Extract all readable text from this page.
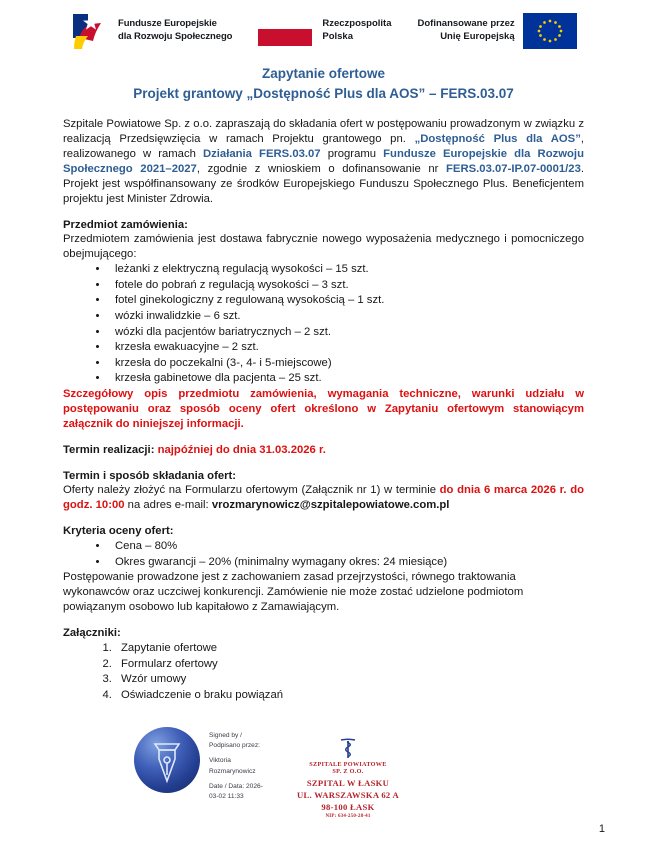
Fundusze Europejskie
dla Rozwoju Społecznego
Rzeczpospolita
Polska
Dofinansowane przez
Unię Europejską
Zapytanie ofertowe
Projekt grantowy „Dostępność Plus dla AOS” – FERS.03.07

Szpitale Powiatowe Sp. z o.o. zapraszają do składania ofert w postępowaniu prowadzonym w związku z realizacją Przedsięwzięcia w ramach Projektu grantowego pn. „Dostępność Plus dla AOS”, realizowanego w ramach Działania FERS.03.07 programu Fundusze Europejskie dla Rozwoju Społecznego 2021–2027, zgodnie z wnioskiem o dofinansowanie nr FERS.03.07-IP.07-0001/23. Projekt jest współfinansowany ze środków Europejskiego Funduszu Społecznego Plus. Beneficjentem projektu jest Minister Zdrowia.

Przedmiot zamówienia:

Przedmiotem zamówienia jest dostawa fabrycznie nowego wyposażenia medycznego i pomocniczego obejmującego:

• leżanki z elektryczną regulacją wysokości – 15 szt.
• fotele do pobrań z regulacją wysokości – 3 szt.
• fotel ginekologiczny z regulowaną wysokością – 1 szt.
• wózki inwalidzkie – 6 szt.
• wózki dla pacjentów bariatrycznych – 2 szt.
• krzesła ewakuacyjne – 2 szt.
• krzesła do poczekalni (3-, 4- i 5-miejscowe)
• krzesła gabinetowe dla pacjenta – 25 szt.

Szczegółowy opis przedmiotu zamówienia, wymagania techniczne, warunki udziału w postępowaniu oraz sposób oceny ofert określono w Zapytaniu ofertowym stanowiącym załącznik do niniejszej informacji.

Termin realizacji: najpóźniej do dnia 31.03.2026 r.

Termin i sposób składania ofert:

Oferty należy złożyć na Formularzu ofertowym (Załącznik nr 1) w terminie do dnia 6 marca 2026 r. do godz. 10:00 na adres e-mail: vrozmarynowicz@szpitalepowiatowe.com.pl

Kryteria oceny ofert:
• Cena – 80%
• Okres gwarancji – 20% (minimalny wymagany okres: 24 miesiące)

Postępowanie prowadzone jest z zachowaniem zasad przejrzystości, równego traktowania wykonawców oraz uczciwej konkurencji. Zamówienie nie może zostać udzielone podmiotom powiązanym osobowo lub kapitałowo z Zamawiającym.

Załączniki:
1. Zapytanie ofertowe
2. Formularz ofertowy
3. Wzór umowy
4. Oświadczenie o braku powiązań
Signed by /
Podpisano przez:
Viktoria
Rozmarynowicz
Date / Data: 2026-
03-02 11:33
SZPITALE POWIATOWE
SP. Z O.O.
SZPITAL W ŁASKU
UL. WARSZAWSKA 62 A
98-100 ŁASK
NIP: 634-250-28-41
1
